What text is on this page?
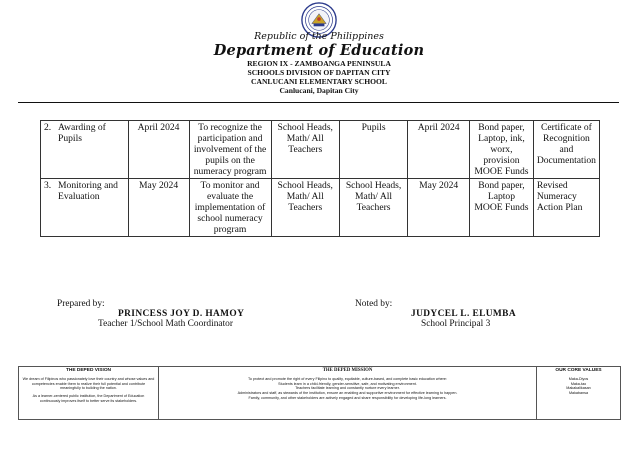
Republic of the Philippines
Department of Education
REGION IX - ZAMBOANGA PENINSULA
SCHOOLS DIVISION OF DAPITAN CITY
CANLUCANI ELEMENTARY SCHOOL
Canlucani, Dapitan City
2. Awarding of Pupils	April 2024	To recognize the participation and involvement of the pupils on the numeracy program	School Heads, Math/ All Teachers	Pupils	April 2024	Bond paper, Laptop, ink, worx, provision MOOE Funds	Certificate of Recognition and Documentation

3. Monitoring and Evaluation	May 2024	To monitor and evaluate the implementation of school numeracy program	School Heads, Math/ All Teachers	School Heads, Math/ All Teachers	May 2024	Bond paper, Laptop MOOE Funds	Revised Numeracy Action Plan
Prepared by:
PRINCESS JOY D. HAMOY
Teacher 1/School Math Coordinator
Noted by:
JUDYCEL L. ELUMBA
School Principal 3
THE DEPED VISION
We dream of Filipinos who passionately love their country and whose values and competencies enable them to realize their full potential and contribute meaningfully to building the nation.
As a learner-centered public institution, the Department of Education continuously improves itself to better serve its stakeholders.
THE DEPED MISSION
To protect and promote the right of every Filipino to quality, equitable, culture-based, and complete basic education where:
Students learn in a child-friendly, gender-sensitive, safe, and motivating environment.
Teachers facilitate learning and constantly nurture every learner.
Administrators and staff, as stewards of the institution, ensure an enabling and supportive environment for effective learning to happen.
Family, community, and other stakeholders are actively engaged and share responsibility for developing life-long learners.
OUR CORE VALUES
Maka-Diyos
Maka-tao
Makakalikasan
Makabansa
